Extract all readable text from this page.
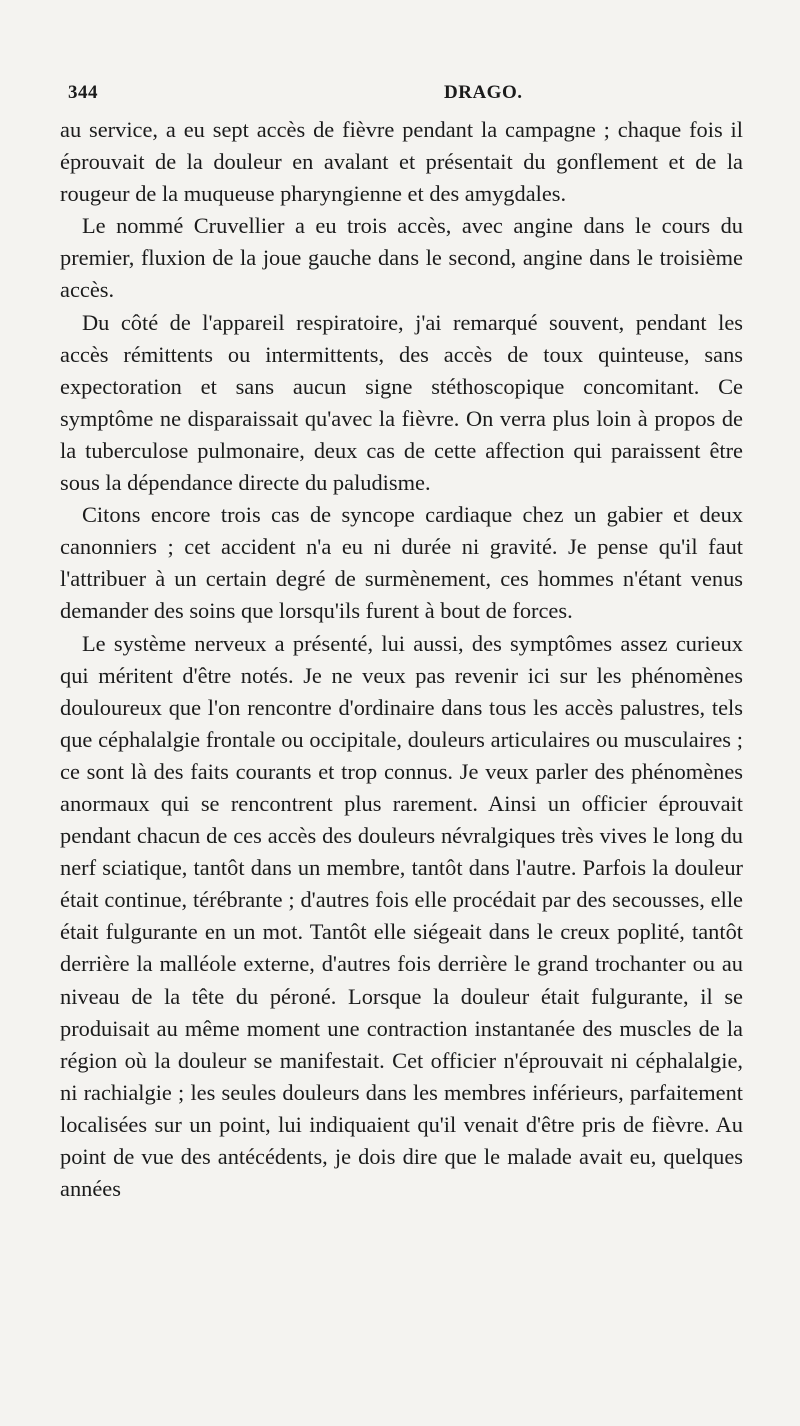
344	DRAGO.

au service, a eu sept accès de fièvre pendant la campagne ; chaque fois il éprouvait de la douleur en avalant et présentait du gonflement et de la rougeur de la muqueuse pharyngienne et des amygdales.

Le nommé Cruvellier a eu trois accès, avec angine dans le cours du premier, fluxion de la joue gauche dans le second, angine dans le troisième accès.

Du côté de l'appareil respiratoire, j'ai remarqué souvent, pendant les accès rémittents ou intermittents, des accès de toux quinteuse, sans expectoration et sans aucun signe stéthoscopique concomitant. Ce symptôme ne disparaissait qu'avec la fièvre. On verra plus loin à propos de la tuberculose pulmonaire, deux cas de cette affection qui paraissent être sous la dépendance directe du paludisme.

Citons encore trois cas de syncope cardiaque chez un gabier et deux canonniers ; cet accident n'a eu ni durée ni gravité. Je pense qu'il faut l'attribuer à un certain degré de surmènement, ces hommes n'étant venus demander des soins que lorsqu'ils furent à bout de forces.

Le système nerveux a présenté, lui aussi, des symptômes assez curieux qui méritent d'être notés. Je ne veux pas revenir ici sur les phénomènes douloureux que l'on rencontre d'ordinaire dans tous les accès palustres, tels que céphalalgie frontale ou occipitale, douleurs articulaires ou musculaires ; ce sont là des faits courants et trop connus. Je veux parler des phénomènes anormaux qui se rencontrent plus rarement. Ainsi un officier éprouvait pendant chacun de ces accès des douleurs névralgiques très vives le long du nerf sciatique, tantôt dans un membre, tantôt dans l'autre. Parfois la douleur était continue, térébrante ; d'autres fois elle procédait par des secousses, elle était fulgurante en un mot. Tantôt elle siégeait dans le creux poplité, tantôt derrière la malléole externe, d'autres fois derrière le grand trochanter ou au niveau de la tête du péroné. Lorsque la douleur était fulgurante, il se produisait au même moment une contraction instantanée des muscles de la région où la douleur se manifestait. Cet officier n'éprouvait ni céphalalgie, ni rachialgie ; les seules douleurs dans les membres inférieurs, parfaitement localisées sur un point, lui indiquaient qu'il venait d'être pris de fièvre. Au point de vue des antécédents, je dois dire que le malade avait eu, quelques années
